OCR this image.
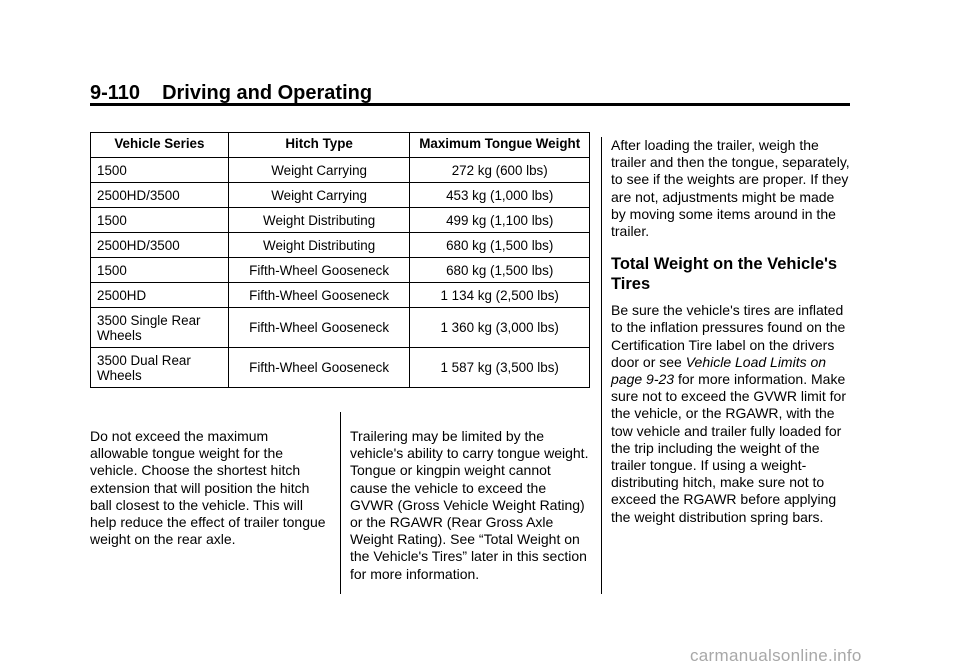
9-110 Driving and Operating
Vehicle Series	Hitch Type	Maximum Tongue Weight
1500	Weight Carrying	272 kg (600 lbs)
2500HD/3500	Weight Carrying	453 kg (1,000 lbs)
1500	Weight Distributing	499 kg (1,100 lbs)
2500HD/3500	Weight Distributing	680 kg (1,500 lbs)
1500	Fifth-Wheel Gooseneck	680 kg (1,500 lbs)
2500HD	Fifth-Wheel Gooseneck	1 134 kg (2,500 lbs)
3500 Single Rear Wheels	Fifth-Wheel Gooseneck	1 360 kg (3,000 lbs)
3500 Dual Rear Wheels	Fifth-Wheel Gooseneck	1 587 kg (3,500 lbs)

Do not exceed the maximum allowable tongue weight for the vehicle. Choose the shortest hitch extension that will position the hitch ball closest to the vehicle. This will help reduce the effect of trailer tongue weight on the rear axle.

Trailering may be limited by the vehicle's ability to carry tongue weight. Tongue or kingpin weight cannot cause the vehicle to exceed the GVWR (Gross Vehicle Weight Rating) or the RGAWR (Rear Gross Axle Weight Rating). See “Total Weight on the Vehicle's Tires” later in this section for more information.

After loading the trailer, weigh the trailer and then the tongue, separately, to see if the weights are proper. If they are not, adjustments might be made by moving some items around in the trailer.

Total Weight on the Vehicle's Tires

Be sure the vehicle's tires are inflated to the inflation pressures found on the Certification Tire label on the drivers door or see Vehicle Load Limits on page 9-23 for more information. Make sure not to exceed the GVWR limit for the vehicle, or the RGAWR, with the tow vehicle and trailer fully loaded for the trip including the weight of the trailer tongue. If using a weight-distributing hitch, make sure not to exceed the RGAWR before applying the weight distribution spring bars.

carmanualsonline.info
